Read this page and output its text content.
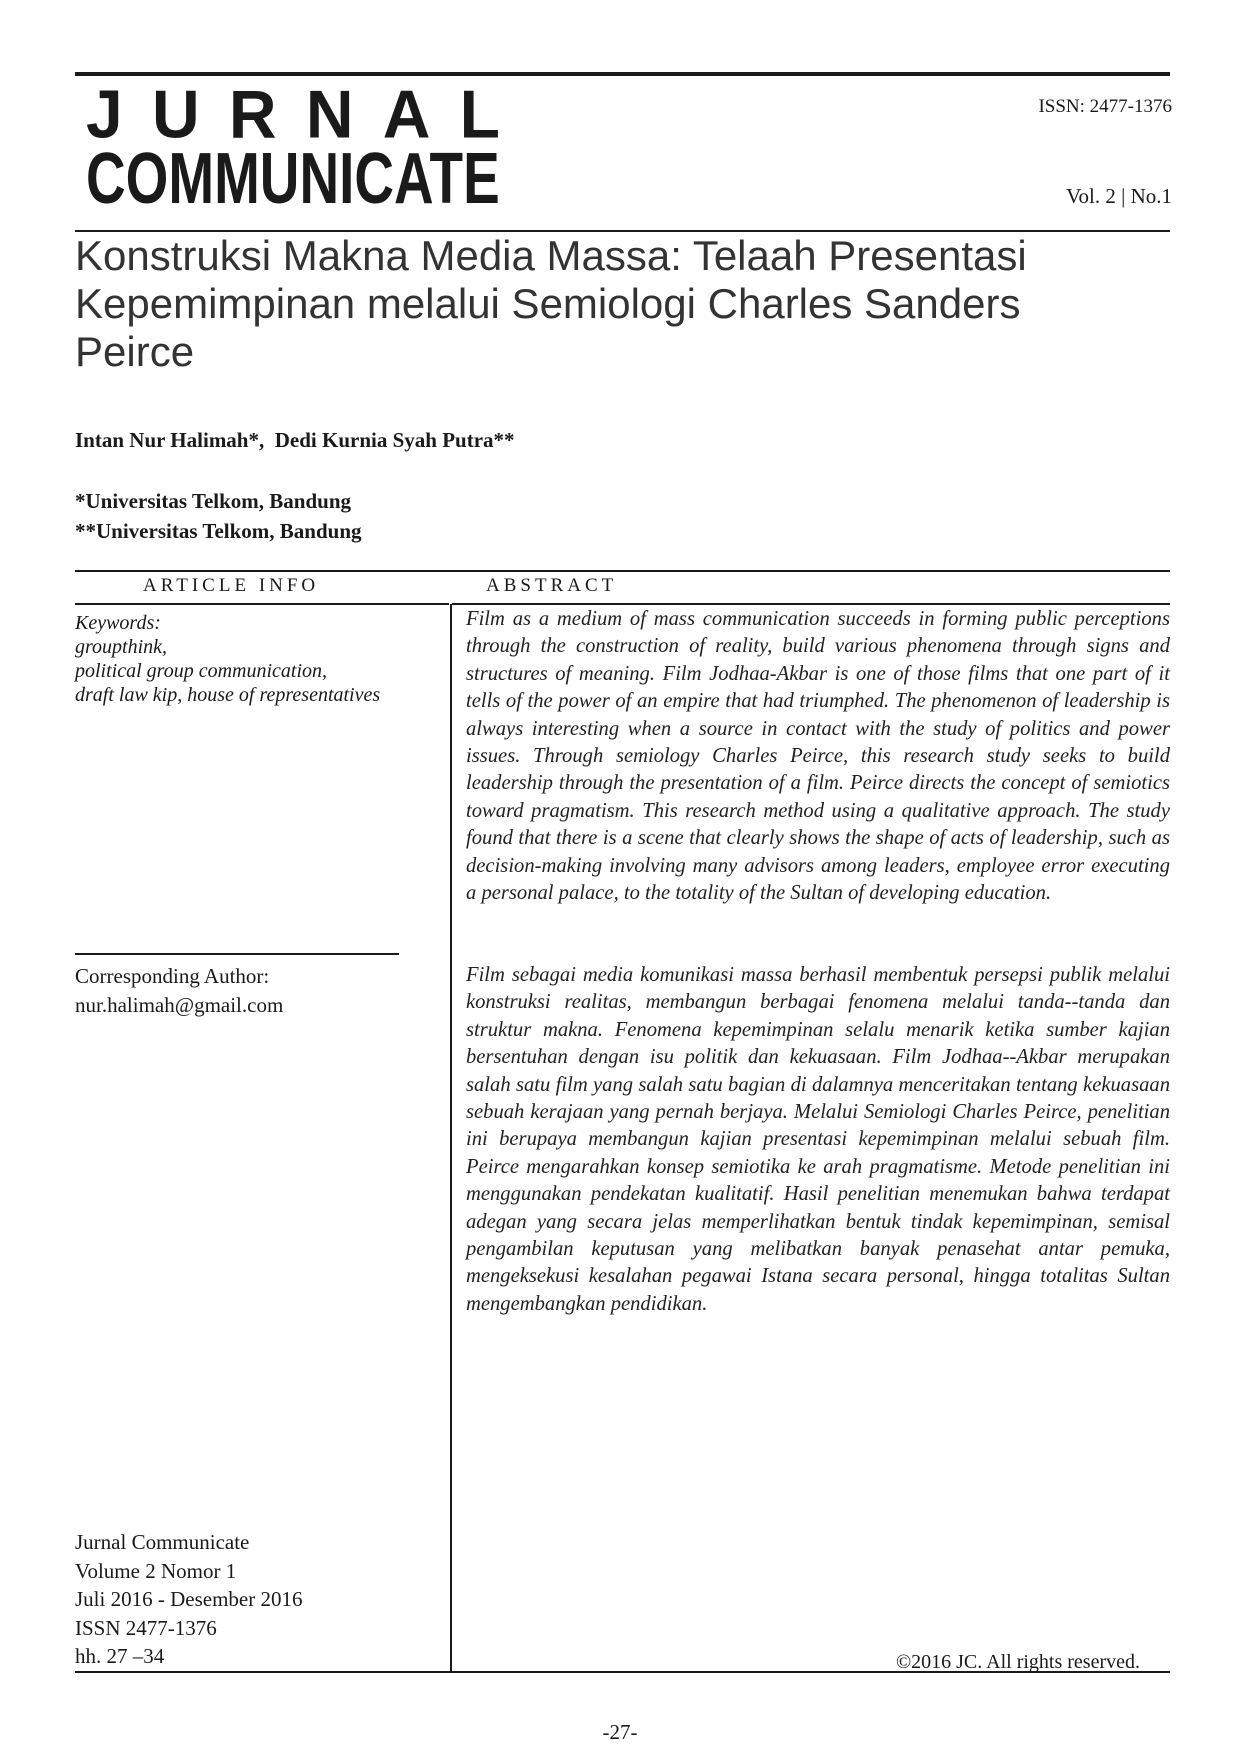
J U R N A L
COMMUNICATE
ISSN: 2477-1376
Vol. 2 | No.1
Konstruksi Makna Media Massa: Telaah Presentasi Kepemimpinan melalui Semiologi Charles Sanders Peirce
Intan Nur Halimah*,  Dedi Kurnia Syah Putra**
*Universitas Telkom, Bandung
**Universitas Telkom, Bandung
ARTICLE INFO	ABSTRACT
Keywords:
groupthink,
political group communication,
draft law kip, house of representatives
Film as a medium of mass communication succeeds in forming public perceptions through the construction of reality, build various phenomena through signs and structures of meaning. Film Jodhaa-Akbar is one of those films that one part of it tells of the power of an empire that had triumphed. The phenomenon of leadership is always interesting when a source in contact with the study of politics and power issues. Through semiology Charles Peirce, this research study seeks to build leadership through the presentation of a film. Peirce directs the concept of semiotics toward pragmatism. This research method using a qualitative approach. The study found that there is a scene that clearly shows the shape of acts of leadership, such as decision-making involving many advisors among leaders, employee error executing a personal palace, to the totality of the Sultan of developing education.
Film sebagai media komunikasi massa berhasil membentuk persepsi publik melalui konstruksi realitas, membangun berbagai fenomena melalui tanda--tanda dan struktur makna. Fenomena kepemimpinan selalu menarik ketika sumber kajian bersentuhan dengan isu politik dan kekuasaan. Film Jodhaa--Akbar merupakan salah satu film yang salah satu bagian di dalamnya menceritakan tentang kekuasaan sebuah kerajaan yang pernah berjaya. Melalui Semiologi Charles Peirce, penelitian ini berupaya membangun kajian presentasi kepemimpinan melalui sebuah film. Peirce mengarahkan konsep semiotika ke arah pragmatisme. Metode penelitian ini menggunakan pendekatan kualitatif. Hasil penelitian menemukan bahwa terdapat adegan yang secara jelas memperlihatkan bentuk tindak kepemimpinan, semisal pengambilan keputusan yang melibatkan banyak penasehat antar pemuka, mengeksekusi kesalahan pegawai Istana secara personal, hingga totalitas Sultan mengembangkan pendidikan.
Corresponding Author:
nur.halimah@gmail.com
Jurnal Communicate
Volume 2 Nomor 1
Juli 2016 - Desember 2016
ISSN 2477-1376
hh. 27 –34	©2016 JC. All rights reserved.
-27-
